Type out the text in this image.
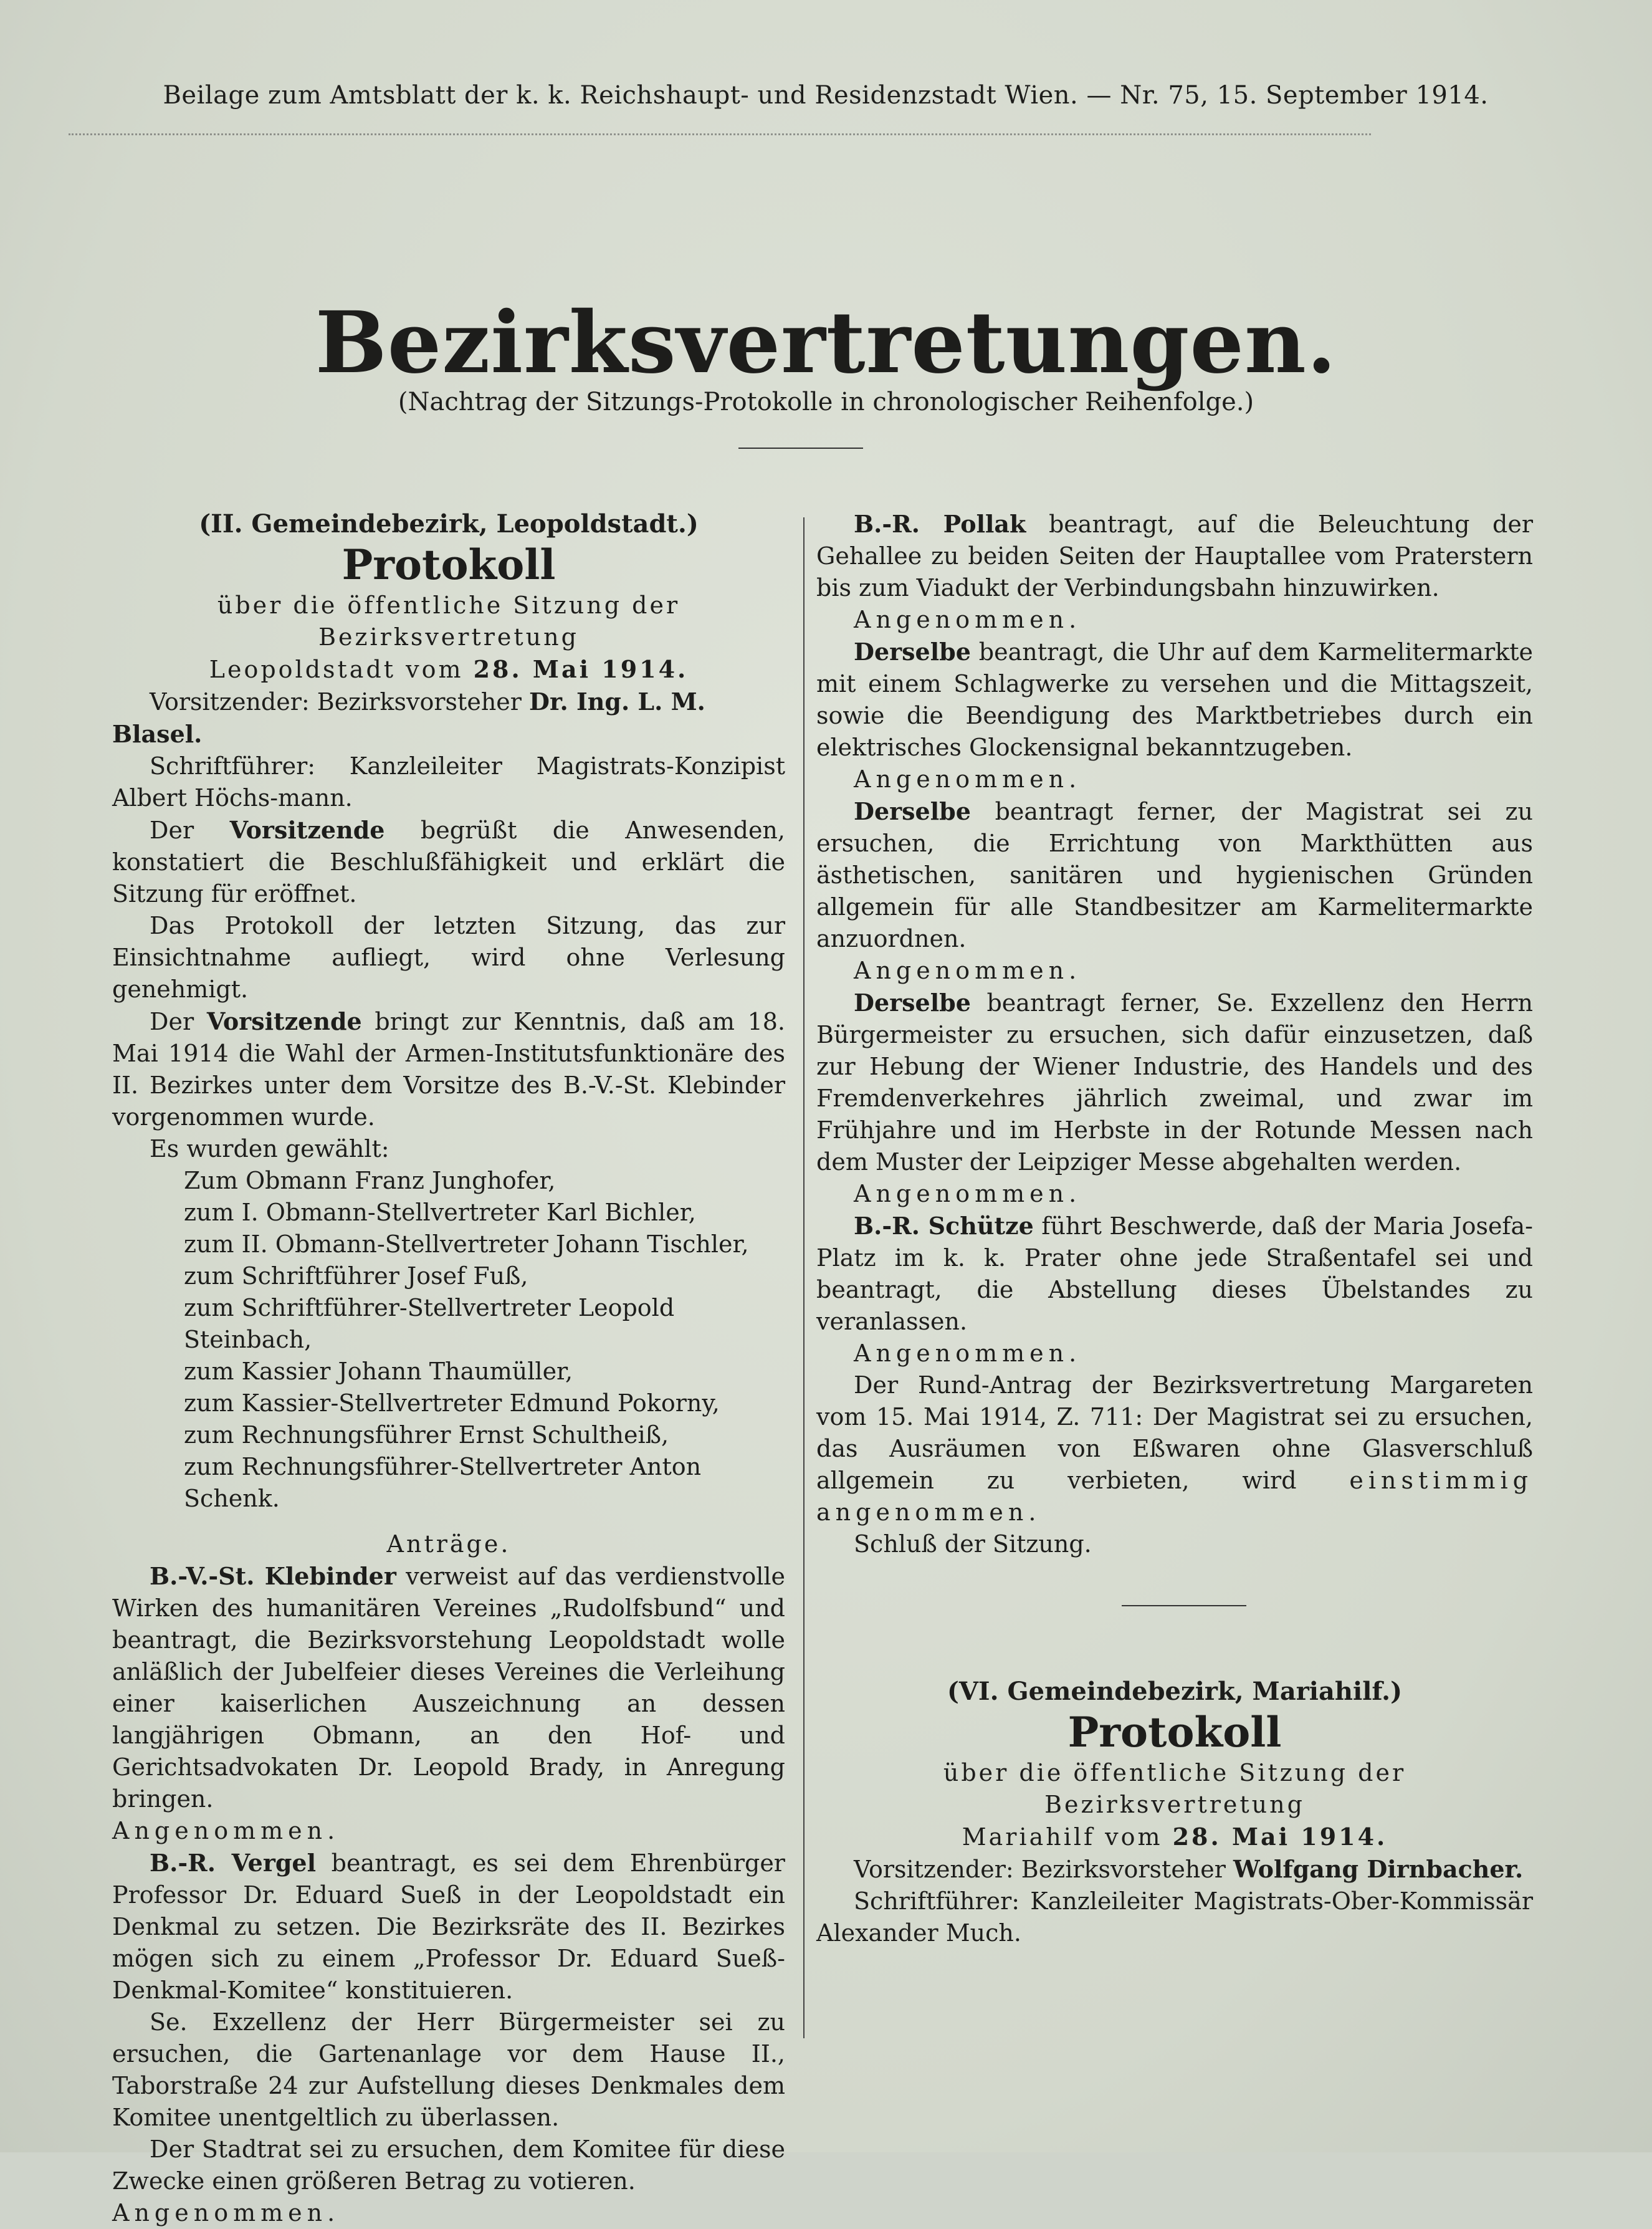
Beilage zum Amtsblatt der k. k. Reichshaupt- und Residenzstadt Wien. — Nr. 75, 15. September 1914.
Bezirksvertretungen.
(Nachtrag der Sitzungs-Protokolle in chronologischer Reihenfolge.)

(II. Gemeindebezirk, Leopoldstadt.)

Protokoll

über die öffentliche Sitzung der Bezirksvertretung

Leopoldstadt vom 28. Mai 1914.

Vorsitzender: Bezirksvorsteher Dr. Ing. L. M. Blasel.

Schriftführer: Kanzleileiter Magistrats-Konzipist Albert Höchs-mann.

Der Vorsitzende begrüßt die Anwesenden, konstatiert die Beschlußfähigkeit und erklärt die Sitzung für eröffnet.

Das Protokoll der letzten Sitzung, das zur Einsichtnahme aufliegt, wird ohne Verlesung genehmigt.

Der Vorsitzende bringt zur Kenntnis, daß am 18. Mai 1914 die Wahl der Armen-Institutsfunktionäre des II. Bezirkes unter dem Vorsitze des B.-V.-St. Klebinder vorgenommen wurde.

Es wurden gewählt:

Zum Obmann Franz Junghofer,

zum I. Obmann-Stellvertreter Karl Bichler,

zum II. Obmann-Stellvertreter Johann Tischler,

zum Schriftführer Josef Fuß,

zum Schriftführer-Stellvertreter Leopold Steinbach,

zum Kassier Johann Thaumüller,

zum Kassier-Stellvertreter Edmund Pokorny,

zum Rechnungsführer Ernst Schultheiß,

zum Rechnungsführer-Stellvertreter Anton Schenk.

Anträge.

B.-V.-St. Klebinder verweist auf das verdienstvolle Wirken des humanitären Vereines „Rudolfsbund“ und beantragt, die Bezirksvorstehung Leopoldstadt wolle anläßlich der Jubelfeier dieses Vereines die Verleihung einer kaiserlichen Auszeichnung an dessen langjährigen Obmann, an den Hof- und Gerichtsadvokaten Dr. Leopold Brady, in Anregung bringen.

Angenommen.

B.-R. Vergel beantragt, es sei dem Ehrenbürger Professor Dr. Eduard Sueß in der Leopoldstadt ein Denkmal zu setzen. Die Bezirksräte des II. Bezirkes mögen sich zu einem „Professor Dr. Eduard Sueß-Denkmal-Komitee“ konstituieren.

Se. Exzellenz der Herr Bürgermeister sei zu ersuchen, die Gartenanlage vor dem Hause II., Taborstraße 24 zur Aufstellung dieses Denkmales dem Komitee unentgeltlich zu überlassen.

Der Stadtrat sei zu ersuchen, dem Komitee für diese Zwecke einen größeren Betrag zu votieren.

Angenommen.

B.-R. Pollak beantragt, auf die Beleuchtung der Gehallee zu beiden Seiten der Hauptallee vom Praterstern bis zum Viadukt der Verbindungsbahn hinzuwirken.

Angenommen.

Derselbe beantragt, die Uhr auf dem Karmelitermarkte mit einem Schlagwerke zu versehen und die Mittagszeit, sowie die Beendigung des Marktbetriebes durch ein elektrisches Glockensignal bekanntzugeben.

Angenommen.

Derselbe beantragt ferner, der Magistrat sei zu ersuchen, die Errichtung von Markthütten aus ästhetischen, sanitären und hygienischen Gründen allgemein für alle Standbesitzer am Karmelitermarkte anzuordnen.

Angenommen.

Derselbe beantragt ferner, Se. Exzellenz den Herrn Bürgermeister zu ersuchen, sich dafür einzusetzen, daß zur Hebung der Wiener Industrie, des Handels und des Fremdenverkehres jährlich zweimal, und zwar im Frühjahre und im Herbste in der Rotunde Messen nach dem Muster der Leipziger Messe abgehalten werden.

Angenommen.

B.-R. Schütze führt Beschwerde, daß der Maria Josefa-Platz im k. k. Prater ohne jede Straßentafel sei und beantragt, die Abstellung dieses Übelstandes zu veranlassen.

Angenommen.

Der Rund-Antrag der Bezirksvertretung Margareten vom 15. Mai 1914, Z. 711: Der Magistrat sei zu ersuchen, das Ausräumen von Eßwaren ohne Glasverschluß allgemein zu verbieten, wird einstimmig angenommen.

Schluß der Sitzung.

(VI. Gemeindebezirk, Mariahilf.)

Protokoll

über die öffentliche Sitzung der Bezirksvertretung

Mariahilf vom 28. Mai 1914.

Vorsitzender: Bezirksvorsteher Wolfgang Dirnbacher.

Schriftführer: Kanzleileiter Magistrats-Ober-Kommissär Alexander Much.
